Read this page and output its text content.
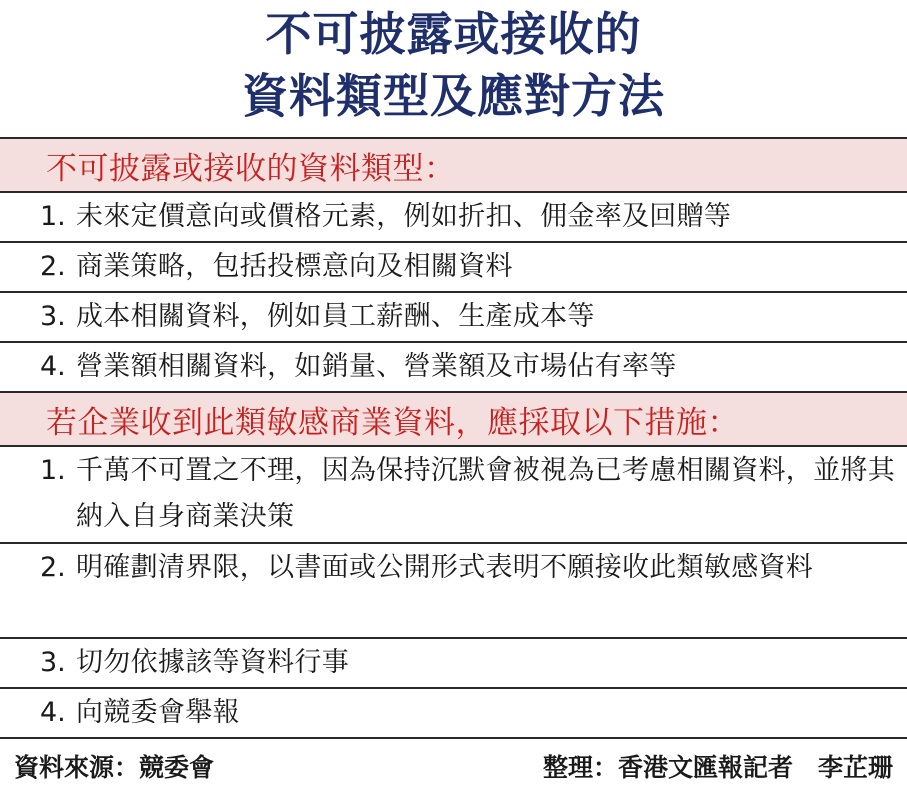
不可披露或接收的
資料類型及應對方法
不可披露或接收的資料類型：
1. 未來定價意向或價格元素，例如折扣、佣金率及回贈等
2. 商業策略，包括投標意向及相關資料
3. 成本相關資料，例如員工薪酬、生產成本等
4. 營業額相關資料，如銷量、營業額及市場佔有率等
若企業收到此類敏感商業資料，應採取以下措施：
1. 千萬不可置之不理，因為保持沉默會被視為已考慮相關資料，並將其納入自身商業決策
2. 明確劃清界限，以書面或公開形式表明不願接收此類敏感資料
3. 切勿依據該等資料行事
4. 向競委會舉報
資料來源：競委會	整理：香港文匯報記者　李芷珊
